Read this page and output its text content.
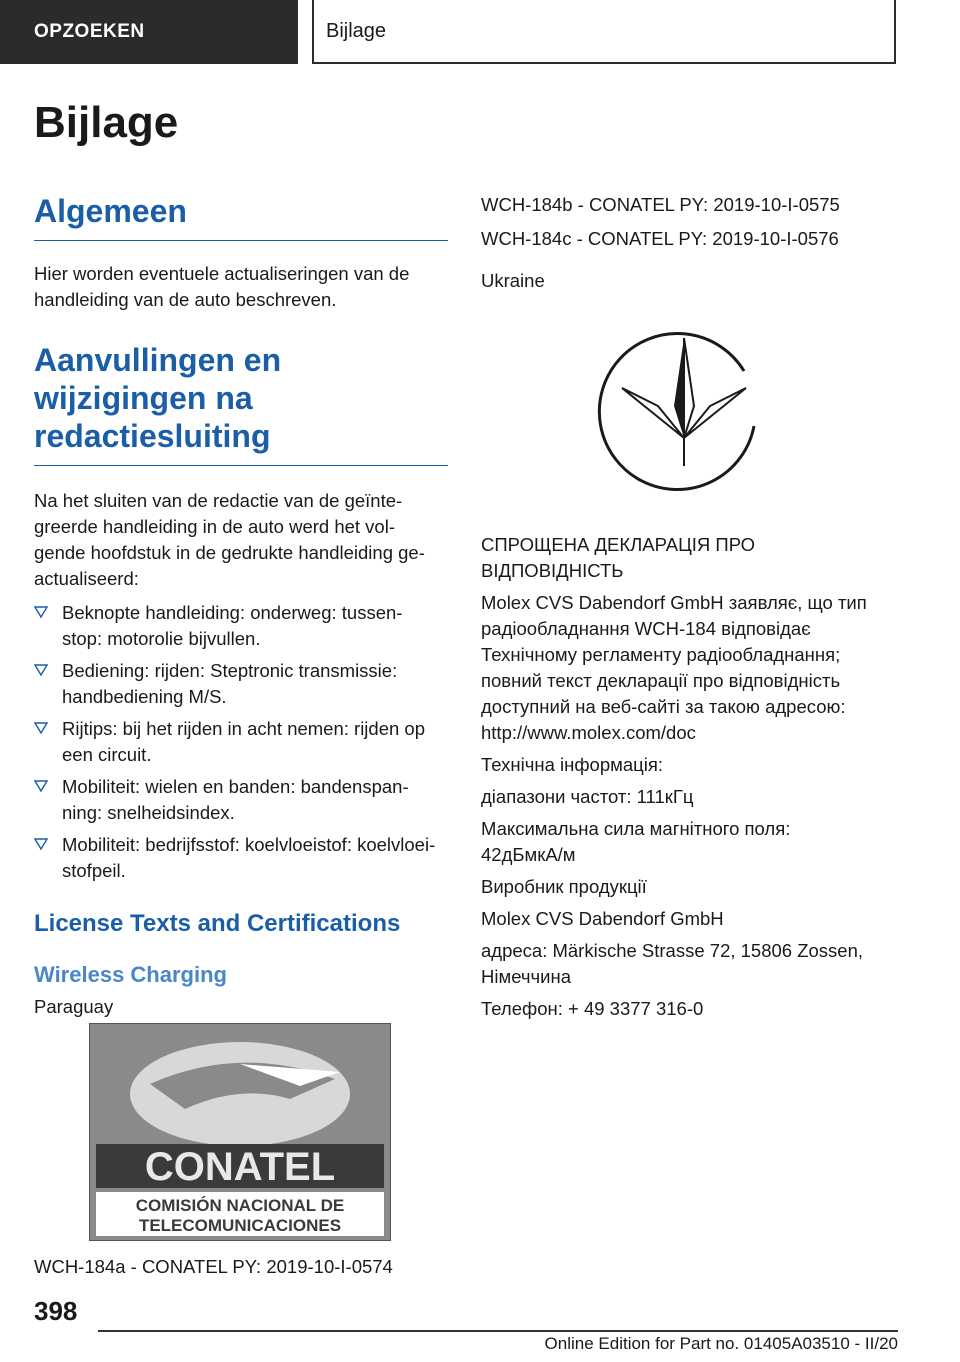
OPZOEKEN	Bijlage
Bijlage
Algemeen

Hier worden eventuele actualiseringen van de handleiding van de auto beschreven.

Aanvullingen en
wijzigingen na
redactiesluiting

Na het sluiten van de redactie van de geïnte-
greerde handleiding in de auto werd het vol-
gende hoofdstuk in de gedrukte handleiding ge-
actualiseerd:

Beknopte handleiding: onderweg: tussen-
stop: motorolie bijvullen.
Bediening: rijden: Steptronic transmissie:
handbediening M/S.
Rijtips: bij het rijden in acht nemen: rijden op
een circuit.
Mobiliteit: wielen en banden: bandenspan-
ning: snelheidsindex.
Mobiliteit: bedrijfsstof: koelvloeistof: koelvloei-
stofpeil.
License Texts and Certifications
Wireless Charging

Paraguay

CONATEL
COMISIÓN NACIONAL DE
TELECOMUNICACIONES

WCH-184a - CONATEL PY: 2019-10-I-0574

WCH-184b - CONATEL PY: 2019-10-I-0575

WCH-184c - CONATEL PY: 2019-10-I-0576

Ukraine

СПРОЩЕНА ДЕКЛАРАЦІЯ ПРО
ВІДПОВІДНІСТЬ

Molex CVS Dabendorf GmbH заявляє, що тип
радіообладнання WCH-184 відповідає
Технічному регламенту радіообладнання;
повний текст декларації про відповідність
доступний на веб-сайті за такою адресою:
http://www.molex.com/doc

Технічна інформація:

діапазони частот: 111кГц

Максимальна сила магнітного поля:
42дБмкА/м

Виробник продукції

Molex CVS Dabendorf GmbH

адреса: Märkische Strasse 72, 15806 Zossen,
Німеччина

Телефон: + 49 3377 316-0

398

Online Edition for Part no. 01405A03510 - II/20
